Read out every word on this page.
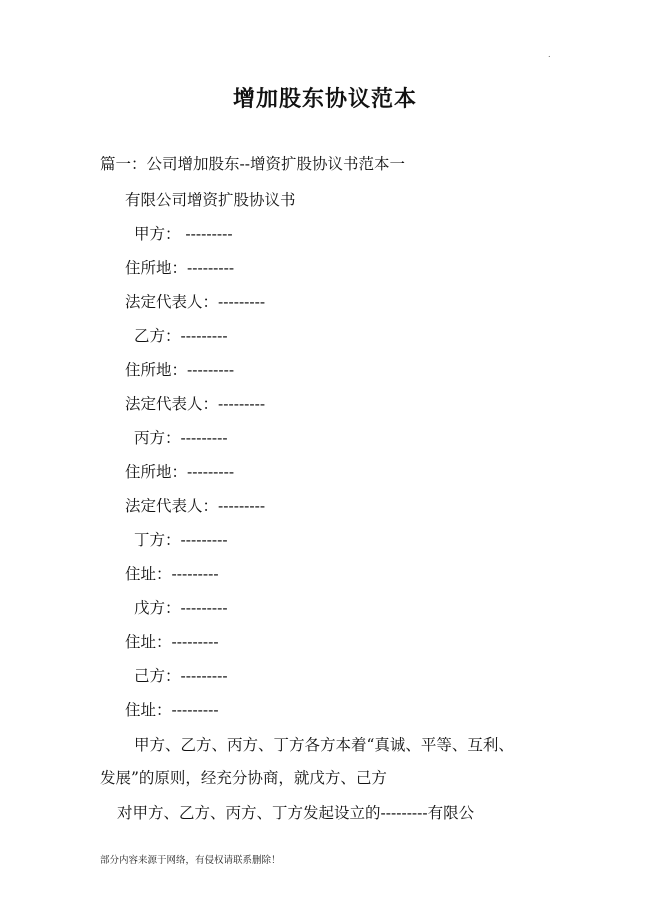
.
增加股东协议范本
篇一：公司增加股东--增资扩股协议书范本一
有限公司增资扩股协议书
甲方： ---------
住所地：---------
法定代表人：---------
乙方：---------
住所地：---------
法定代表人：---------
丙方：---------
住所地：---------
法定代表人：---------
丁方：---------
住址：---------
戊方：---------
住址：---------
己方：---------
住址：---------
甲方、乙方、丙方、丁方各方本着“真诚、平等、互利、
发展”的原则，经充分协商，就戊方、己方
对甲方、乙方、丙方、丁方发起设立的---------有限公
部分内容来源于网络，有侵权请联系删除！
